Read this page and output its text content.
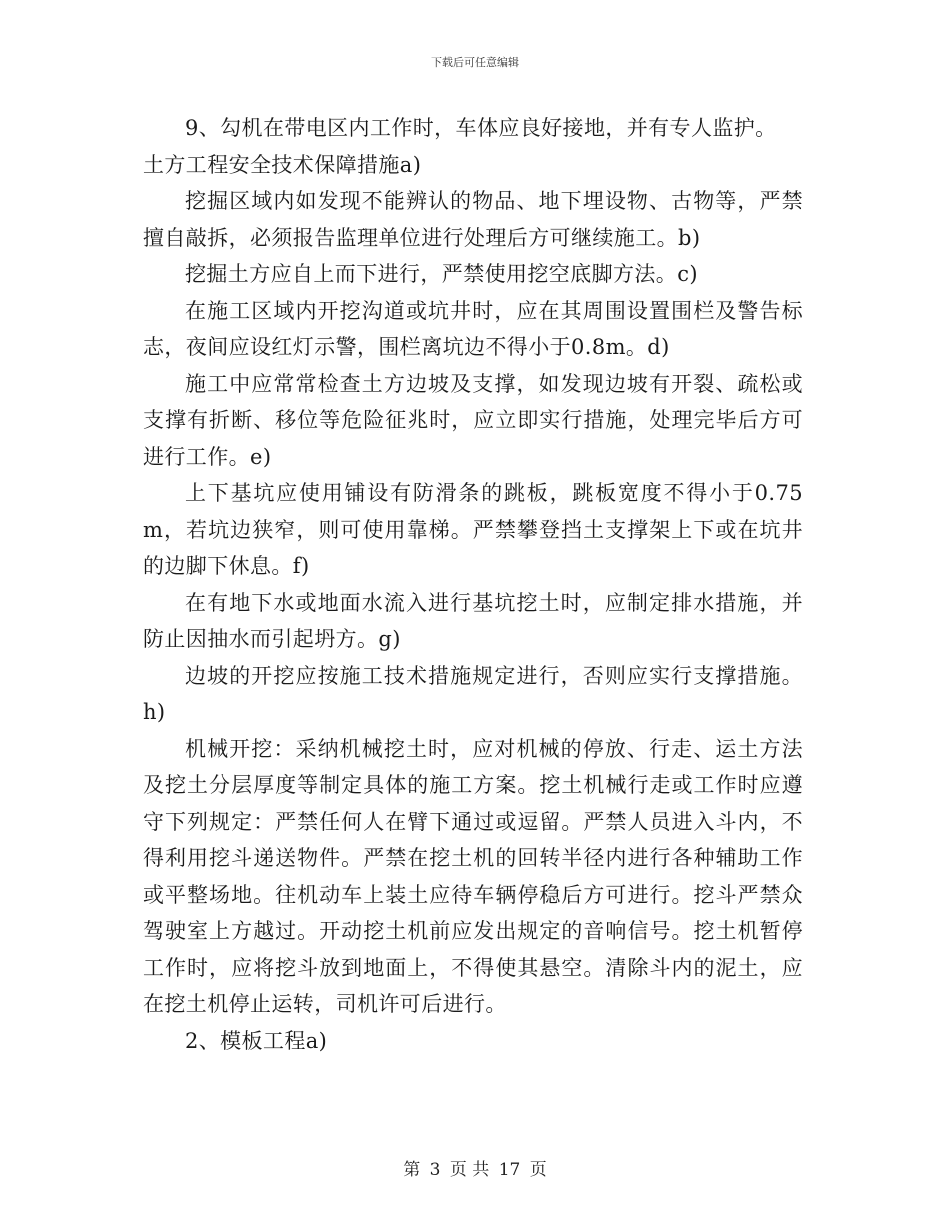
下载后可任意编辑

9、勾机在带电区内工作时，车体应良好接地，并有专人监护。

土方工程安全技术保障措施a)

挖掘区域内如发现不能辨认的物品、地下埋设物、古物等，严禁擅自敲拆，必须报告监理单位进行处理后方可继续施工。b)

挖掘土方应自上而下进行，严禁使用挖空底脚方法。c)

在施工区域内开挖沟道或坑井时，应在其周围设置围栏及警告标志，夜间应设红灯示警，围栏离坑边不得小于0.8m。d)

施工中应常常检查土方边坡及支撑，如发现边坡有开裂、疏松或支撑有折断、移位等危险征兆时，应立即实行措施，处理完毕后方可进行工作。e)

上下基坑应使用铺设有防滑条的跳板，跳板宽度不得小于0.75m，若坑边狭窄，则可使用靠梯。严禁攀登挡土支撑架上下或在坑井的边脚下休息。f)

在有地下水或地面水流入进行基坑挖土时，应制定排水措施，并防止因抽水而引起坍方。g)

边坡的开挖应按施工技术措施规定进行，否则应实行支撑措施。h)

机械开挖：采纳机械挖土时，应对机械的停放、行走、运土方法及挖土分层厚度等制定具体的施工方案。挖土机械行走或工作时应遵守下列规定：严禁任何人在臂下通过或逗留。严禁人员进入斗内，不得利用挖斗递送物件。严禁在挖土机的回转半径内进行各种辅助工作或平整场地。往机动车上装土应待车辆停稳后方可进行。挖斗严禁众驾驶室上方越过。开动挖土机前应发出规定的音响信号。挖土机暂停工作时，应将挖斗放到地面上，不得使其悬空。清除斗内的泥土，应在挖土机停止运转，司机许可后进行。

2、模板工程a)

第 3 页 共 17 页
